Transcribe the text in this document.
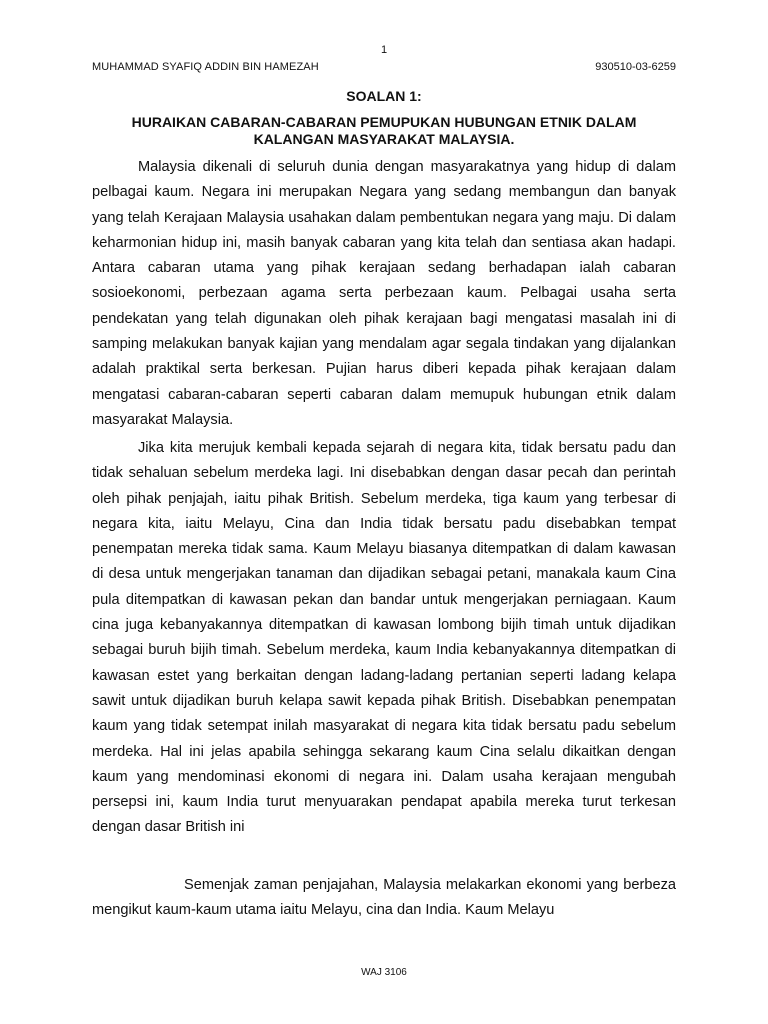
1
MUHAMMAD SYAFIQ ADDIN BIN HAMEZAH	930510-03-6259
SOALAN 1:
HURAIKAN CABARAN-CABARAN PEMUPUKAN HUBUNGAN ETNIK DALAM KALANGAN MASYARAKAT MALAYSIA.

Malaysia dikenali di seluruh dunia dengan masyarakatnya yang hidup di dalam pelbagai kaum. Negara ini merupakan Negara yang sedang membangun dan banyak yang telah Kerajaan Malaysia usahakan dalam pembentukan negara yang maju. Di dalam keharmonian hidup ini, masih banyak cabaran yang kita telah dan sentiasa akan hadapi. Antara cabaran utama yang pihak kerajaan sedang berhadapan ialah cabaran sosioekonomi, perbezaan agama serta perbezaan kaum. Pelbagai usaha serta pendekatan yang telah digunakan oleh pihak kerajaan bagi mengatasi masalah ini di samping melakukan banyak kajian yang mendalam agar segala tindakan yang dijalankan adalah praktikal serta berkesan. Pujian harus diberi kepada pihak kerajaan dalam mengatasi cabaran-cabaran seperti cabaran dalam memupuk hubungan etnik dalam masyarakat Malaysia.

Jika kita merujuk kembali kepada sejarah di negara kita, tidak bersatu padu dan tidak sehaluan sebelum merdeka lagi. Ini disebabkan dengan dasar pecah dan perintah oleh pihak penjajah, iaitu pihak British. Sebelum merdeka, tiga kaum yang terbesar di negara kita, iaitu Melayu, Cina dan India tidak bersatu padu disebabkan tempat penempatan mereka tidak sama. Kaum Melayu biasanya ditempatkan di dalam kawasan di desa untuk mengerjakan tanaman dan dijadikan sebagai petani, manakala kaum Cina pula ditempatkan di kawasan pekan dan bandar untuk mengerjakan perniagaan. Kaum cina juga kebanyakannya ditempatkan di kawasan lombong bijih timah untuk dijadikan sebagai buruh bijih timah. Sebelum merdeka, kaum India kebanyakannya ditempatkan di kawasan estet yang berkaitan dengan ladang-ladang pertanian seperti ladang kelapa sawit untuk dijadikan buruh kelapa sawit kepada pihak British. Disebabkan penempatan kaum yang tidak setempat inilah masyarakat di negara kita tidak bersatu padu sebelum merdeka. Hal ini jelas apabila sehingga sekarang kaum Cina selalu dikaitkan dengan kaum yang mendominasi ekonomi di negara ini. Dalam usaha kerajaan mengubah persepsi ini, kaum India turut menyuarakan pendapat apabila mereka turut terkesan dengan dasar British ini

Semenjak zaman penjajahan, Malaysia melakarkan ekonomi yang berbeza mengikut kaum-kaum utama iaitu Melayu, cina dan India. Kaum Melayu

WAJ 3106
